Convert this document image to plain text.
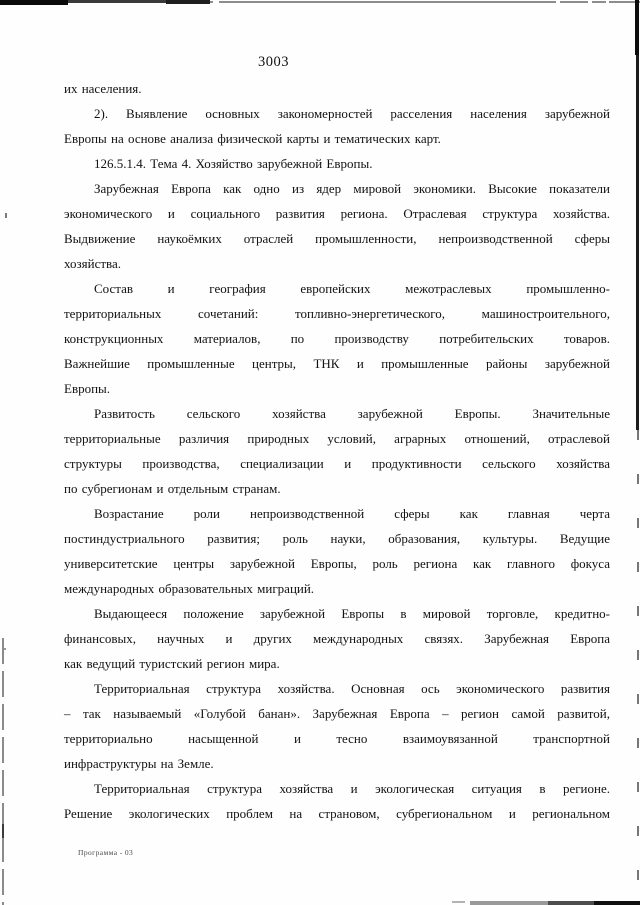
3003
их населения.
2). Выявление основных закономерностей расселения населения зарубежной
Европы на основе анализа физической карты и тематических карт.
126.5.1.4. Тема 4. Хозяйство зарубежной Европы.
Зарубежная Европа как одно из ядер мировой экономики. Высокие показатели
экономического и социального развития региона. Отраслевая структура хозяйства.
Выдвижение наукоёмких отраслей промышленности, непроизводственной сферы
хозяйства.
Состав и география европейских межотраслевых промышленно-
территориальных сочетаний: топливно-энергетического, машиностроительного,
конструкционных материалов, по производству потребительских товаров.
Важнейшие промышленные центры, ТНК и промышленные районы зарубежной
Европы.
Развитость сельского хозяйства зарубежной Европы. Значительные
территориальные различия природных условий, аграрных отношений, отраслевой
структуры производства, специализации и продуктивности сельского хозяйства
по субрегионам и отдельным странам.
Возрастание роли непроизводственной сферы как главная черта
постиндустриального развития; роль науки, образования, культуры. Ведущие
университетские центры зарубежной Европы, роль региона как главного фокуса
международных образовательных миграций.
Выдающееся положение зарубежной Европы в мировой торговле, кредитно-
финансовых, научных и других международных связях. Зарубежная Европа
как ведущий туристский регион мира.
Территориальная структура хозяйства. Основная ось экономического развития
– так называемый «Голубой банан». Зарубежная Европа – регион самой развитой,
территориально насыщенной и тесно взаимоувязанной транспортной
инфраструктуры на Земле.
Территориальная структура хозяйства и экологическая ситуация в регионе.
Решение экологических проблем на страновом, субрегиональном и региональном
Программа - 03
